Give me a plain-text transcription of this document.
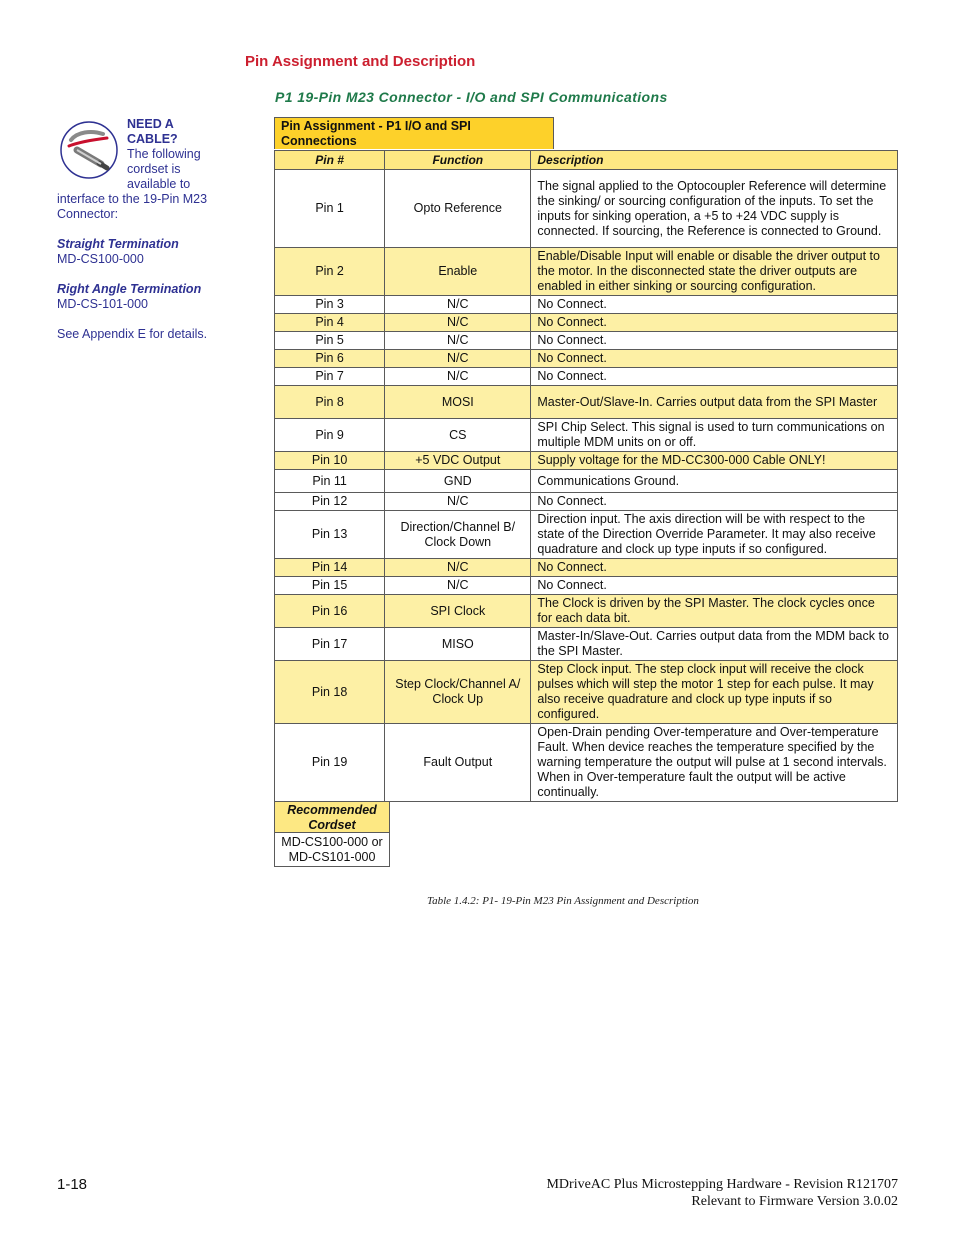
Pin Assignment and Description
P1 19-Pin M23 Connector - I/O and SPI Communications

NEED A CABLE?
The following cordset is available to
interface to the 19-Pin M23 Connector:

Straight Termination
MD-CS100-000
Right Angle Termination
MD-CS-101-000
See Appendix E for details.
Pin Assignment - P1 I/O and SPI Connections
Pin #	Function	Description
Pin 1	Opto Reference	The signal applied to the Optocoupler Reference will determine the sinking/ or sourcing configuration of the inputs. To set the inputs for sinking operation, a +5 to +24 VDC supply is connected. If sourcing, the Reference is connected to Ground.
Pin 2	Enable	Enable/Disable Input will enable or disable the driver output to the motor. In the disconnected state the driver outputs are enabled in either sinking or sourcing configuration.
Pin 3	N/C	No Connect.
Pin 4	N/C	No Connect.
Pin 5	N/C	No Connect.
Pin 6	N/C	No Connect.
Pin 7	N/C	No Connect.
Pin 8	MOSI	Master-Out/Slave-In. Carries output data from the SPI Master
Pin 9	CS	SPI Chip Select. This signal is used to turn communications on multiple MDM units on or off.
Pin 10	+5 VDC Output	Supply voltage for the MD-CC300-000 Cable ONLY!
Pin 11	GND	Communications Ground.
Pin 12	N/C	No Connect.
Pin 13	Direction/Channel B/ Clock Down	Direction input. The axis direction will be with respect to the state of the Direction Override Parameter. It may also receive quadrature and clock up type inputs if so configured.
Pin 14	N/C	No Connect.
Pin 15	N/C	No Connect.
Pin 16	SPI Clock	The Clock is driven by the SPI Master. The clock cycles once for each data bit.
Pin 17	MISO	Master-In/Slave-Out. Carries output data from the MDM back to the SPI Master.
Pin 18	Step Clock/Channel A/ Clock Up	Step Clock input. The step clock input will receive the clock pulses which will step the motor 1 step for each pulse. It may also receive quadrature and clock up type inputs if so configured.
Pin 19	Fault Output	Open-Drain pending Over-temperature and Over-temperature Fault. When device reaches the temperature specified by the warning temperature the output will pulse at 1 second intervals. When in Over-temperature fault the output will be active continually.
Recommended Cordset
MD-CS100-000 or MD-CS101-000
Table 1.4.2: P1- 19-Pin M23 Pin Assignment and Description
1-18	MDriveAC Plus Microstepping Hardware - Revision R121707
Relevant to Firmware Version 3.0.02
